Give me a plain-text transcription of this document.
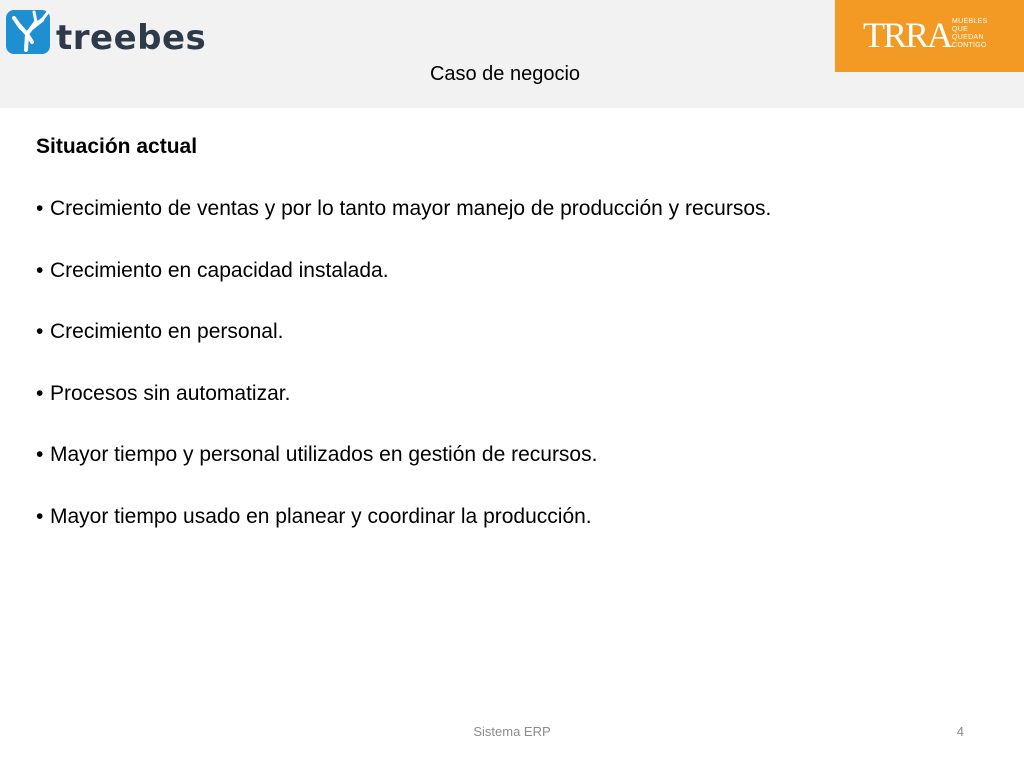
treebes	TRRA MUEBLES
QUE
QUEDAN
CONTIGO
Caso de negocio
Situación actual
• Crecimiento de ventas y por lo tanto mayor manejo de producción y recursos.
• Crecimiento en capacidad instalada.
• Crecimiento en personal.
• Procesos sin automatizar.
• Mayor tiempo y personal utilizados en gestión de recursos.
• Mayor tiempo usado en planear y coordinar la producción.
Sistema ERP	4
